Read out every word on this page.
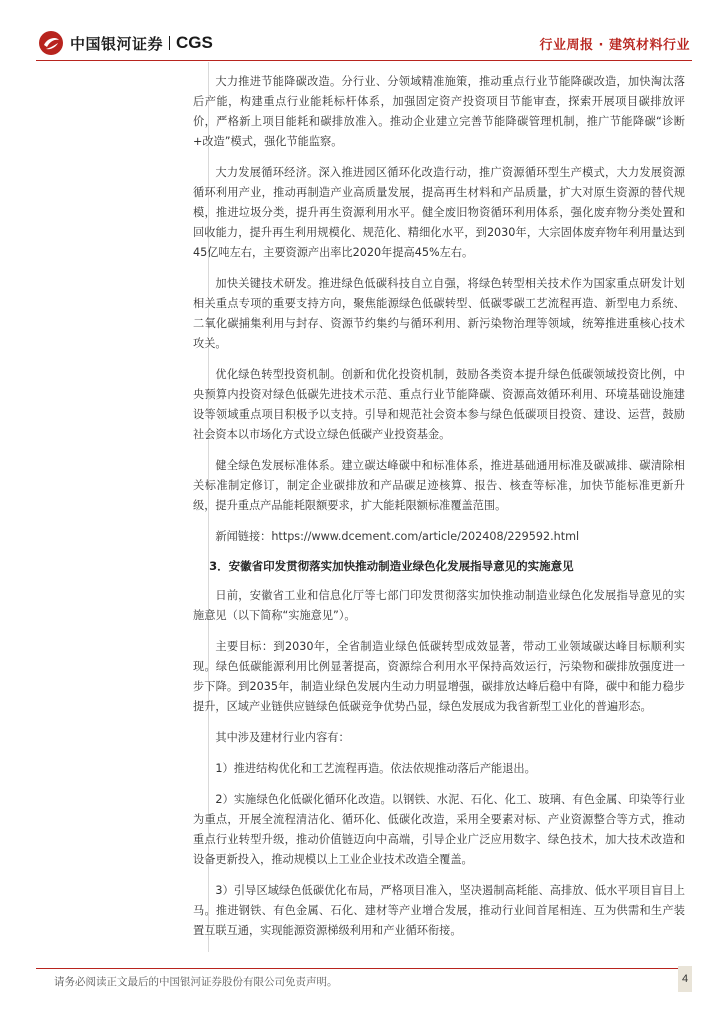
中国银河证券 CGS	行业周报 · 建筑材料行业

大力推进节能降碳改造。分行业、分领域精准施策，推动重点行业节能降碳改造，加快淘汰落后产能，构建重点行业能耗标杆体系，加强固定资产投资项目节能审查，探索开展项目碳排放评价，严格新上项目能耗和碳排放准入。推动企业建立完善节能降碳管理机制，推广节能降碳“诊断+改造”模式，强化节能监察。

大力发展循环经济。深入推进园区循环化改造行动，推广资源循环型生产模式，大力发展资源循环利用产业，推动再制造产业高质量发展，提高再生材料和产品质量，扩大对原生资源的替代规模，推进垃圾分类，提升再生资源利用水平。健全废旧物资循环利用体系，强化废弃物分类处置和回收能力，提升再生利用规模化、规范化、精细化水平，到2030年，大宗固体废弃物年利用量达到45亿吨左右，主要资源产出率比2020年提高45%左右。

加快关键技术研发。推进绿色低碳科技自立自强，将绿色转型相关技术作为国家重点研发计划相关重点专项的重要支持方向，聚焦能源绿色低碳转型、低碳零碳工艺流程再造、新型电力系统、二氧化碳捕集利用与封存、资源节约集约与循环利用、新污染物治理等领域，统筹推进重核心技术攻关。

优化绿色转型投资机制。创新和优化投资机制，鼓励各类资本提升绿色低碳领域投资比例，中央预算内投资对绿色低碳先进技术示范、重点行业节能降碳、资源高效循环利用、环境基础设施建设等领域重点项目积极予以支持。引导和规范社会资本参与绿色低碳项目投资、建设、运营，鼓励社会资本以市场化方式设立绿色低碳产业投资基金。

健全绿色发展标准体系。建立碳达峰碳中和标准体系，推进基础通用标准及碳减排、碳清除相关标准制定修订，制定企业碳排放和产品碳足迹核算、报告、核查等标准，加快节能标准更新升级，提升重点产品能耗限额要求，扩大能耗限额标准覆盖范围。

新闻链接：https://www.dcement.com/article/202408/229592.html

3．安徽省印发贯彻落实加快推动制造业绿色化发展指导意见的实施意见

日前，安徽省工业和信息化厅等七部门印发贯彻落实加快推动制造业绿色化发展指导意见的实施意见（以下简称“实施意见”）。

主要目标：到2030年，全省制造业绿色低碳转型成效显著，带动工业领域碳达峰目标顺利实现。绿色低碳能源利用比例显著提高，资源综合利用水平保持高效运行，污染物和碳排放强度进一步下降。到2035年，制造业绿色发展内生动力明显增强，碳排放达峰后稳中有降，碳中和能力稳步提升，区域产业链供应链绿色低碳竞争优势凸显，绿色发展成为我省新型工业化的普遍形态。

其中涉及建材行业内容有：

1）推进结构优化和工艺流程再造。依法依规推动落后产能退出。

2）实施绿色化低碳化循环化改造。以钢铁、水泥、石化、化工、玻璃、有色金属、印染等行业为重点，开展全流程清洁化、循环化、低碳化改造，采用全要素对标、产业资源整合等方式，推动重点行业转型升级，推动价值链迈向中高端，引导企业广泛应用数字、绿色技术，加大技术改造和设备更新投入，推动规模以上工业企业技术改造全覆盖。

3）引导区域绿色低碳优化布局，严格项目准入，坚决遏制高耗能、高排放、低水平项目盲目上马。推进钢铁、有色金属、石化、建材等产业增合发展，推动行业间首尾相连、互为供需和生产装置互联互通，实现能源资源梯级利用和产业循环衔接。

请务必阅读正文最后的中国银河证券股份有限公司免责声明。	4
